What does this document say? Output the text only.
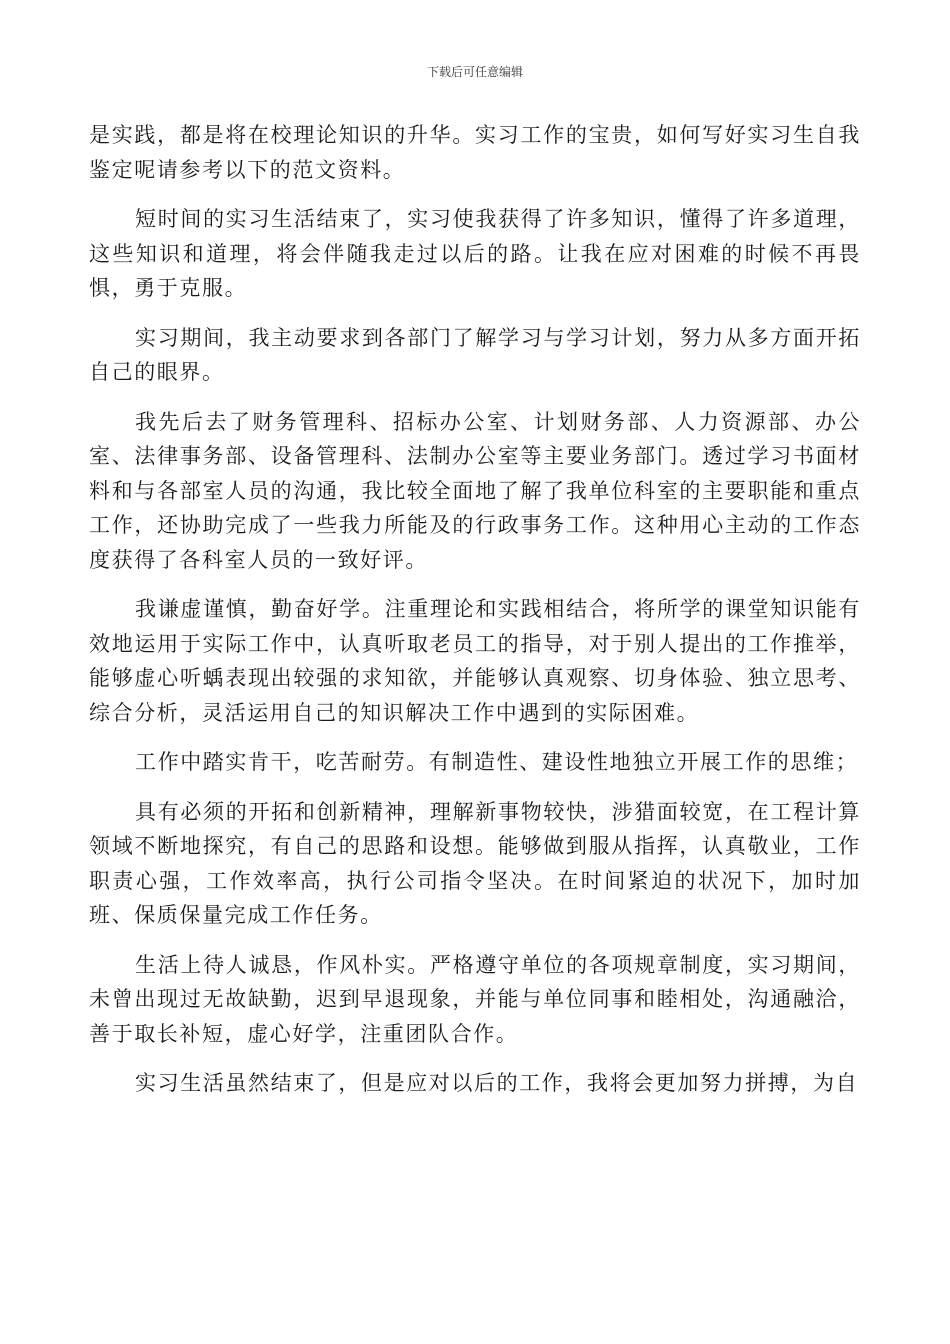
下载后可任意编辑

是实践，都是将在校理论知识的升华。实习工作的宝贵，如何写好实习生自我鉴定呢请参考以下的范文资料。

短时间的实习生活结束了，实习使我获得了许多知识，懂得了许多道理，这些知识和道理，将会伴随我走过以后的路。让我在应对困难的时候不再畏惧，勇于克服。

实习期间，我主动要求到各部门了解学习与学习计划，努力从多方面开拓自己的眼界。

我先后去了财务管理科、招标办公室、计划财务部、人力资源部、办公室、法律事务部、设备管理科、法制办公室等主要业务部门。透过学习书面材料和与各部室人员的沟通，我比较全面地了解了我单位科室的主要职能和重点工作，还协助完成了一些我力所能及的行政事务工作。这种用心主动的工作态度获得了各科室人员的一致好评。

我谦虚谨慎，勤奋好学。注重理论和实践相结合，将所学的课堂知识能有效地运用于实际工作中，认真听取老员工的指导，对于别人提出的工作推举，能够虚心听蝺表现出较强的求知欲，并能够认真观察、切身体验、独立思考、综合分析，灵活运用自己的知识解决工作中遇到的实际困难。

工作中踏实肯干，吃苦耐劳。有制造性、建设性地独立开展工作的思维；

具有必须的开拓和创新精神，理解新事物较快，涉猎面较宽，在工程计算领域不断地探究，有自己的思路和设想。能够做到服从指挥，认真敬业，工作职责心强，工作效率高，执行公司指令坚决。在时间紧迫的状况下，加时加班、保质保量完成工作任务。

生活上待人诚恳，作风朴实。严格遵守单位的各项规章制度，实习期间，未曾出现过无故缺勤，迟到早退现象，并能与单位同事和睦相处，沟通融洽，善于取长补短，虚心好学，注重团队合作。

实习生活虽然结束了，但是应对以后的工作，我将会更加努力拼搏，为自
